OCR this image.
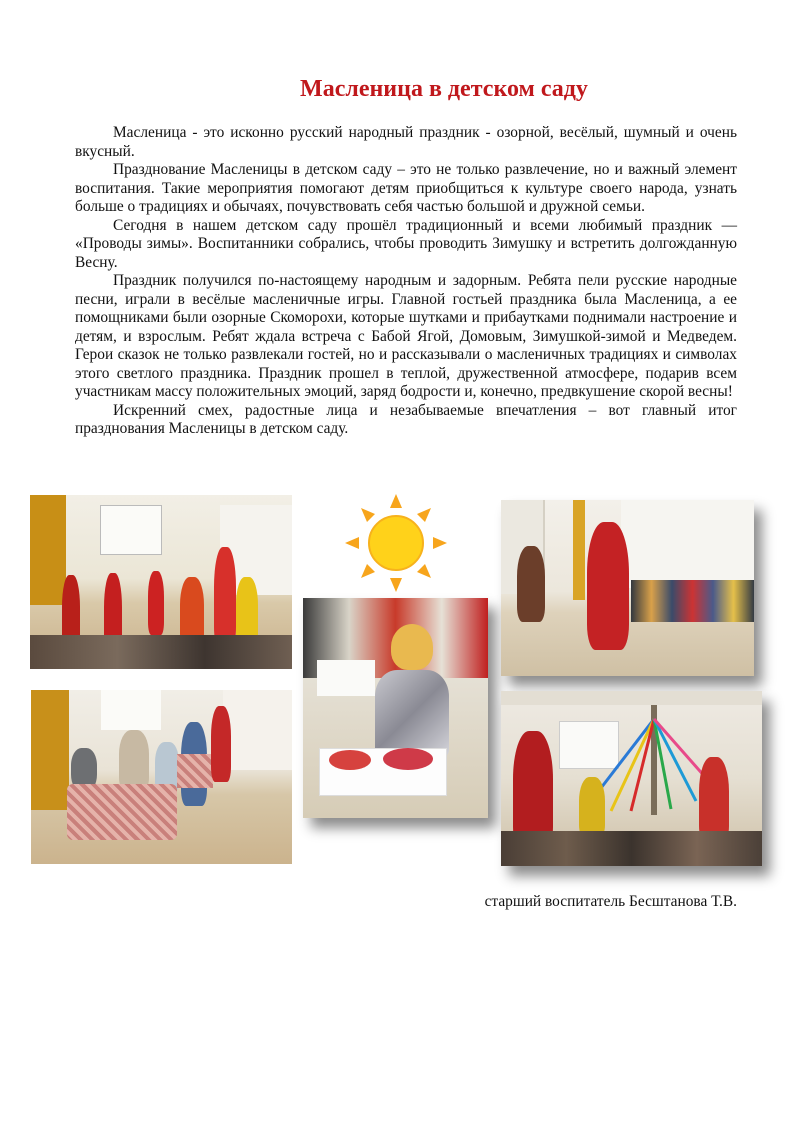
Масленица в детском саду

Масленица - это исконно русский народный праздник - озорной, весёлый, шумный и очень вкусный.

Празднование Масленицы в детском саду – это не только развлечение, но и важный элемент воспитания. Такие мероприятия помогают детям приобщиться к культуре своего народа, узнать больше о традициях и обычаях, почувствовать себя частью большой и дружной семьи.

Сегодня в нашем детском саду прошёл традиционный и всеми любимый праздник — «Проводы зимы». Воспитанники собрались, чтобы проводить Зимушку и встретить долгожданную Весну.

Праздник получился по-настоящему народным и задорным. Ребята пели русские народные песни, играли в весёлые масленичные игры. Главной гостьей праздника была Масленица, а ее помощниками были озорные Скоморохи, которые шутками и прибаутками поднимали настроение и детям, и взрослым. Ребят ждала встреча с Бабой Ягой, Домовым, Зимушкой-зимой и Медведем. Герои сказок не только развлекали гостей, но и рассказывали о масленичных традициях и символах этого светлого праздника. Праздник прошел в теплой, дружественной атмосфере, подарив всем участникам массу положительных эмоций, заряд бодрости и, конечно, предвкушение скорой весны!

Искренний смех, радостные лица и незабываемые впечатления – вот главный итог празднования Масленицы в детском саду.

старший воспитатель Бесштанова Т.В.
